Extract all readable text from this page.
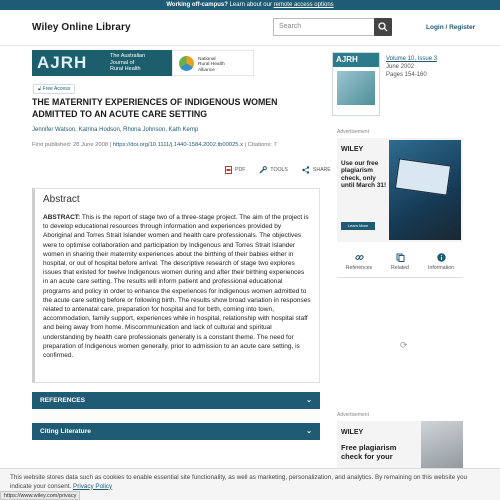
Working off-campus? Learn about our remote access options
Wiley Online Library	Search	Login / Register
AJRH	The Australian
Journal of
Rural Health
National
Rural Health
Alliance
AJRH	Volume 10, Issue 3
June 2002
Pages 154-160
🔓︎ Free Access
THE MATERNITY EXPERIENCES OF INDIGENOUS WOMEN ADMITTED TO AN ACUTE CARE SETTING
Jennifer Watson, Katrina Hodson, Rhona Johnson, Kath Kemp
First published: 28 June 2008 | https://doi.org/10.1111/j.1440-1584.2002.tb00025.x | Citations: 7
PDF	TOOLS	SHARE
Abstract

ABSTRACT: This is the report of stage two of a three-stage project. The aim of the project is to develop educational resources through information and experiences provided by Aboriginal and Torres Strait Islander women and health care professionals. The objectives were to optimise collaboration and participation by Indigenous and Torres Strait Islander women in sharing their maternity experiences about the birthing of their babies either in hospital, or out of hospital before arrival. The descriptive research of stage two explores issues that existed for twelve Indigenous women during and after their birthing experiences in an acute care setting. The results will inform patient and professional educational programs and policy in order to enhance the experiences for indigenous women admitted to the acute care setting before or following birth. The results show broad variation in responses related to antenatal care, preparation for hospital and for birth, coming into town, accommodation, family support, experiences while in hospital, relationship with hospital staff and being away from home. Miscommunication and lack of cultural and spiritual understanding by health care professionals generally is a constant theme. The need for preparation of Indigenous women generally, prior to admission to an acute care setting, is confirmed.

REFERENCES	⌄
Citing Literature	⌄
Advertisement
WILEY
Use our free plagiarism check, only until March 31!
Learn More
References	Related	Information
⟳
Advertisement
WILEY
Free plagiarism check for your
This website stores data such as cookies to enable essential site functionality, as well as marketing, personalization, and analytics. By remaining on this website you indicate your consent. Privacy Policy
https://www.wiley.com/privacy
